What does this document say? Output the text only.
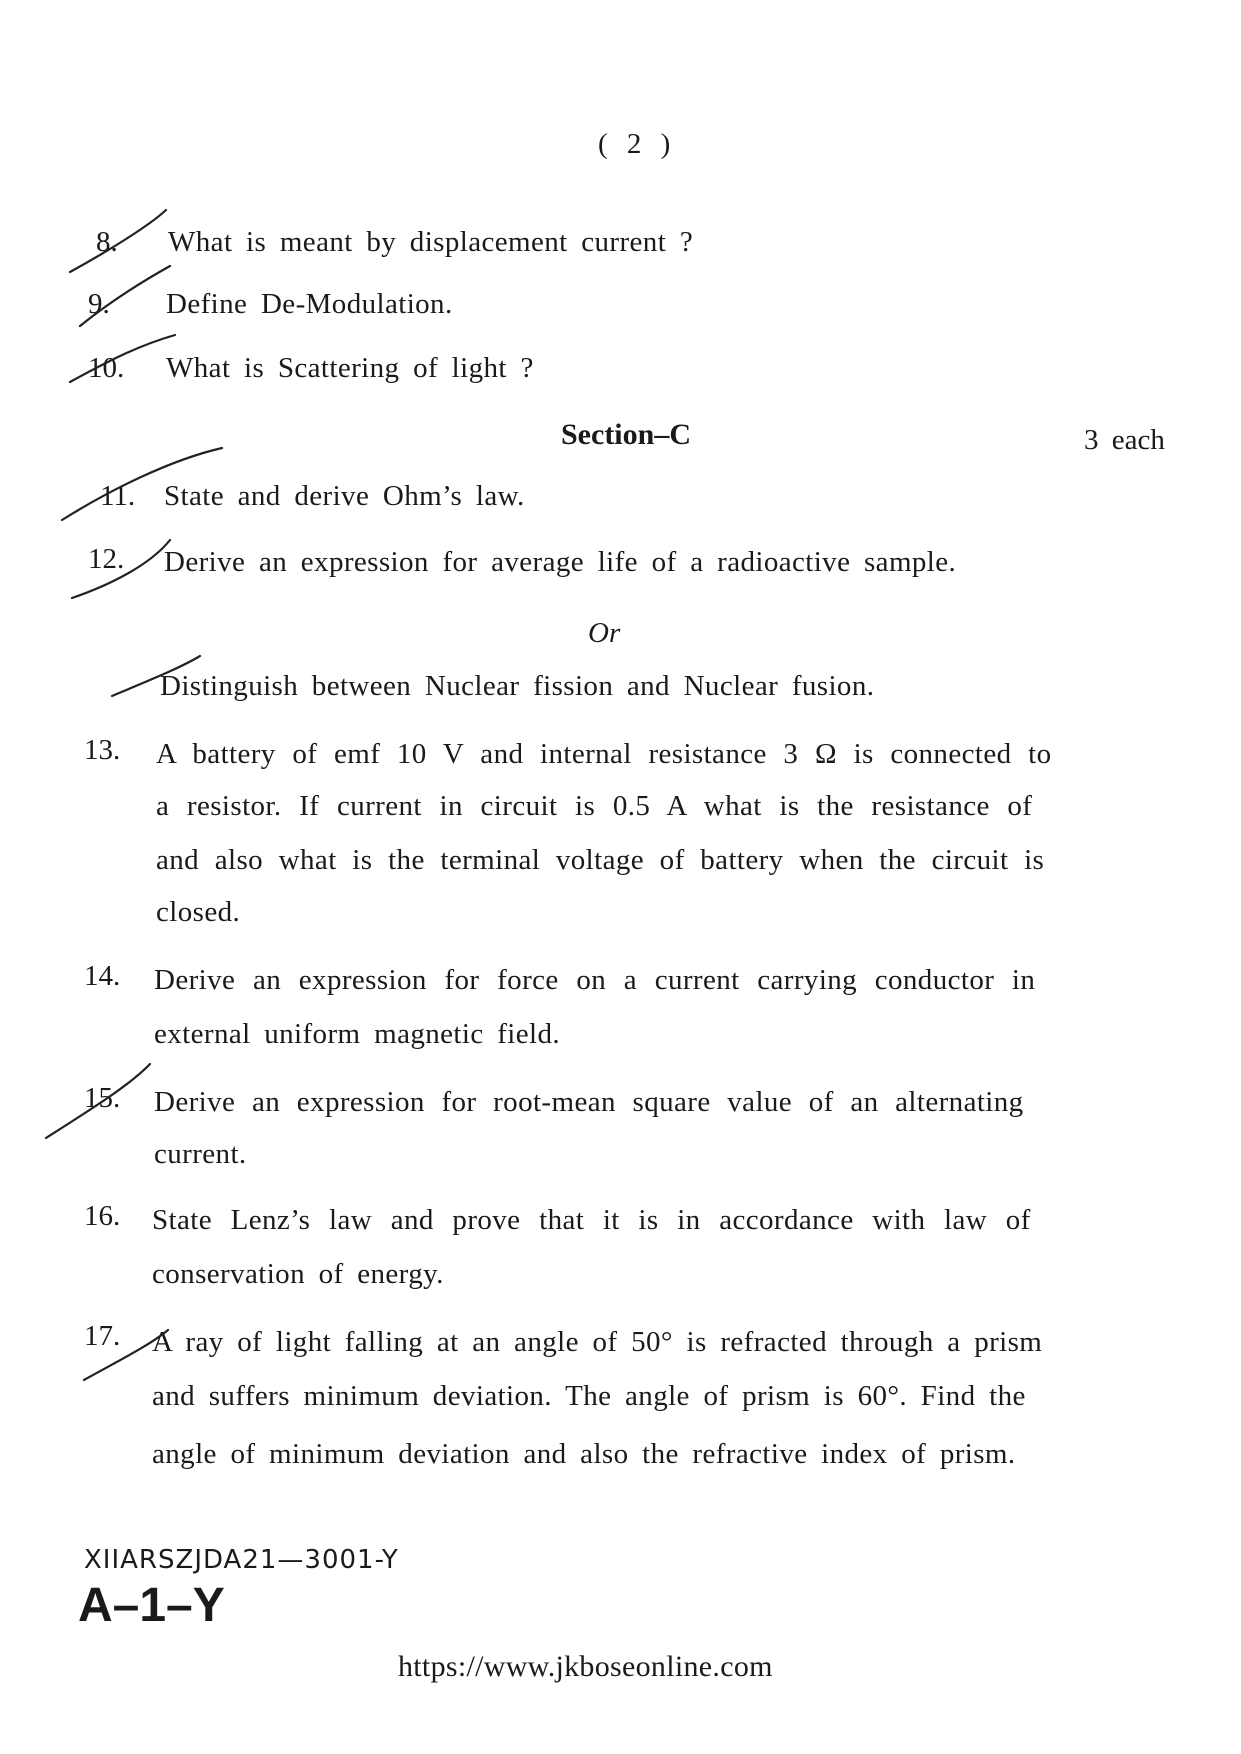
( 2 )
8. What is meant by displacement current ?
9. Define De-Modulation.
10. What is Scattering of light ?
Section–C	3 each
11. State and derive Ohm’s law.
12. Derive an expression for average life of a radioactive sample.
Or
Distinguish between Nuclear fission and Nuclear fusion.
13. A battery of emf 10 V and internal resistance 3 Ω is connected to
a resistor. If current in circuit is 0.5 A what is the resistance of
and also what is the terminal voltage of battery when the circuit is
closed.
14. Derive an expression for force on a current carrying conductor in
external uniform magnetic field.
15. Derive an expression for root-mean square value of an alternating
current.
16. State Lenz’s law and prove that it is in accordance with law of
conservation of energy.
17. A ray of light falling at an angle of 50° is refracted through a prism
and suffers minimum deviation. The angle of prism is 60°. Find the
angle of minimum deviation and also the refractive index of prism.
XIIARSZJDA21—3001-Y
A–1–Y
https://www.jkboseonline.com
